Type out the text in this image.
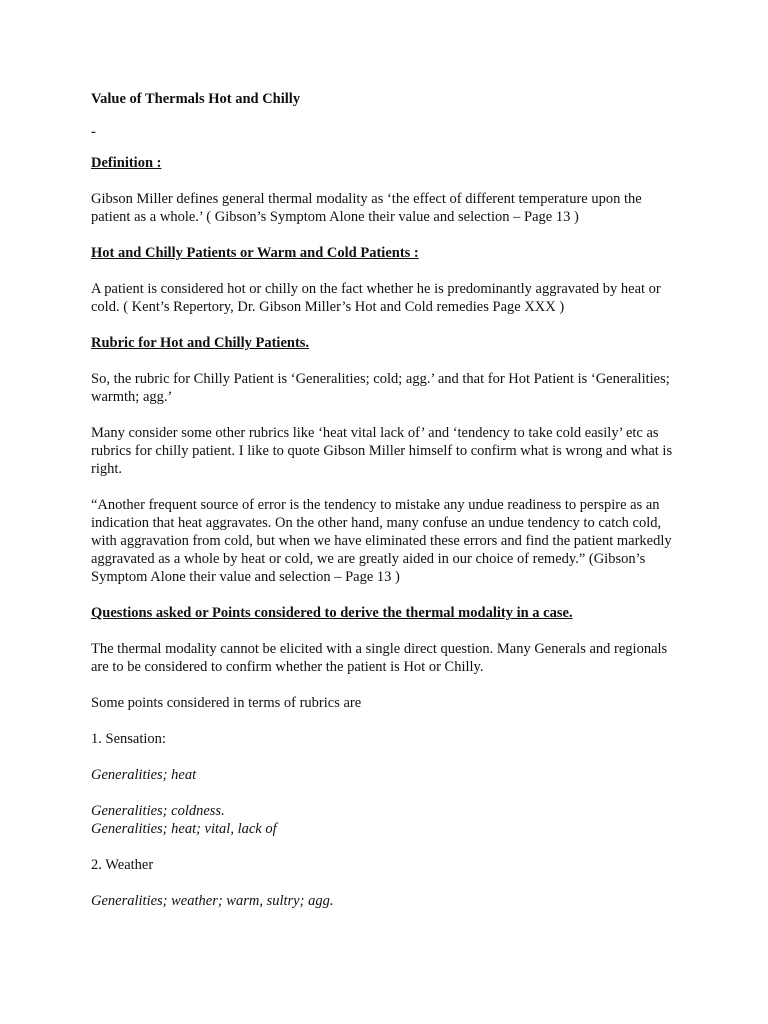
Value of Thermals Hot and Chilly

-

Definition :

Gibson Miller defines general thermal modality as ‘the effect of different temperature upon the patient as a whole.’ ( Gibson’s Symptom Alone their value and selection – Page 13 )

Hot and Chilly Patients or Warm and Cold Patients :

A patient is considered hot or chilly on the fact whether he is predominantly aggravated by heat or cold. ( Kent’s Repertory, Dr. Gibson Miller’s Hot and Cold remedies Page XXX )

Rubric for Hot and Chilly Patients.

So, the rubric for Chilly Patient is ‘Generalities; cold; agg.’ and that for Hot Patient is ‘Generalities; warmth; agg.’

Many consider some other rubrics like ‘heat vital lack of’ and ‘tendency to take cold easily’ etc as rubrics for chilly patient. I like to quote Gibson Miller himself to confirm what is wrong and what is right.

“Another frequent source of error is the tendency to mistake any undue readiness to perspire as an indication that heat aggravates. On the other hand, many confuse an undue tendency to catch cold, with aggravation from cold, but when we have eliminated these errors and find the patient markedly aggravated as a whole by heat or cold, we are greatly aided in our choice of remedy.” (Gibson’s Symptom Alone their value and selection – Page 13 )

Questions asked or Points considered to derive the thermal modality in a case.

The thermal modality cannot be elicited with a single direct question. Many Generals and regionals are to be considered to confirm whether the patient is Hot or Chilly.

Some points considered in terms of rubrics are

1. Sensation:

Generalities; heat

Generalities; coldness.

Generalities; heat; vital, lack of

2. Weather

Generalities; weather; warm, sultry; agg.
